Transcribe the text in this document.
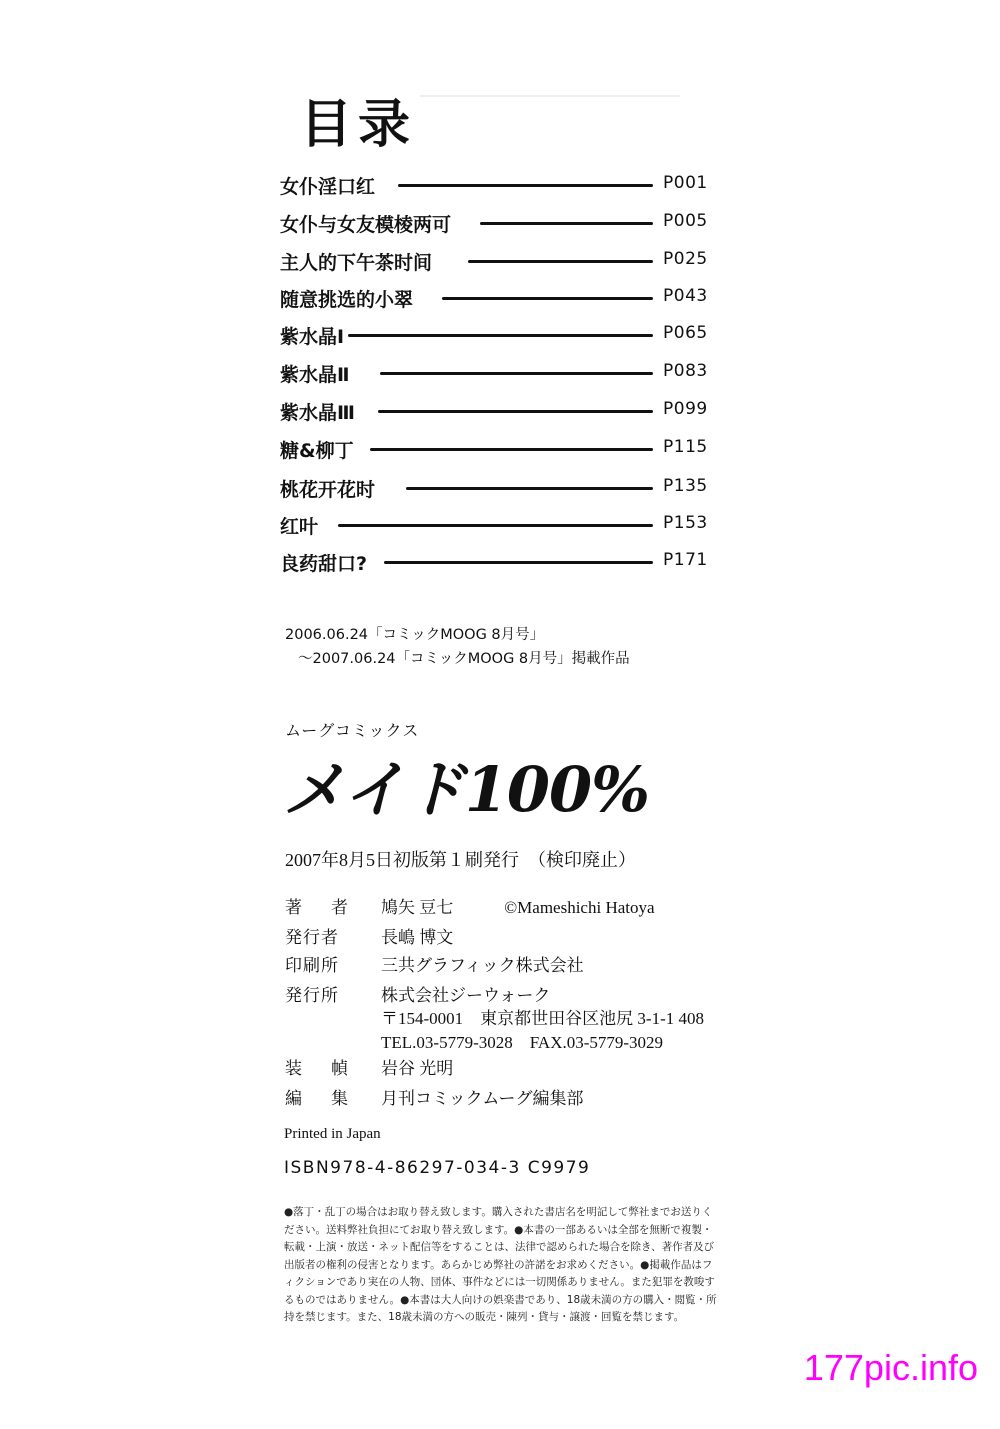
目录
女仆淫口红	P001
女仆与女友模棱两可	P005
主人的下午茶时间	P025
随意挑选的小翠	P043
紫水晶Ⅰ	P065
紫水晶Ⅱ	P083
紫水晶Ⅲ	P099
糖&柳丁	P115
桃花开花时	P135
红叶	P153
良药甜口?	P171
2006.06.24「コミックMOOG 8月号」
～2007.06.24「コミックMOOG 8月号」掲載作品
ムーグコミックス
メイド100%
2007年8月5日初版第１刷発行　（検印廃止）
著　者 鳩矢 豆七　　　©Mameshichi Hatoya
発行者	長嶋 博文
印刷所	三共グラフィック株式会社
発行所	株式会社ジーウォーク
〒154-0001　東京都世田谷区池尻 3-1-1 408
TEL.03-5779-3028　FAX.03-5779-3029
装　幀 岩谷 光明
編　集 月刊コミックムーグ編集部
Printed in Japan
ISBN978-4-86297-034-3 C9979
●落丁・乱丁の場合はお取り替え致します。購入された書店名を明記して弊社までお送りください。送料弊社負担にてお取り替え致します。●本書の一部あるいは全部を無断で複製・転載・上演・放送・ネット配信等をすることは、法律で認められた場合を除き、著作者及び出版者の権利の侵害となります。あらかじめ弊社の許諾をお求めください。●掲載作品はフィクションであり実在の人物、団体、事件などには一切関係ありません。また犯罪を教唆するものではありません。●本書は大人向けの娯楽書であり、18歳未満の方の購入・閲覧・所持を禁じます。また、18歳未満の方への販売・陳列・貸与・譲渡・回覧を禁じます。
177pic.info
